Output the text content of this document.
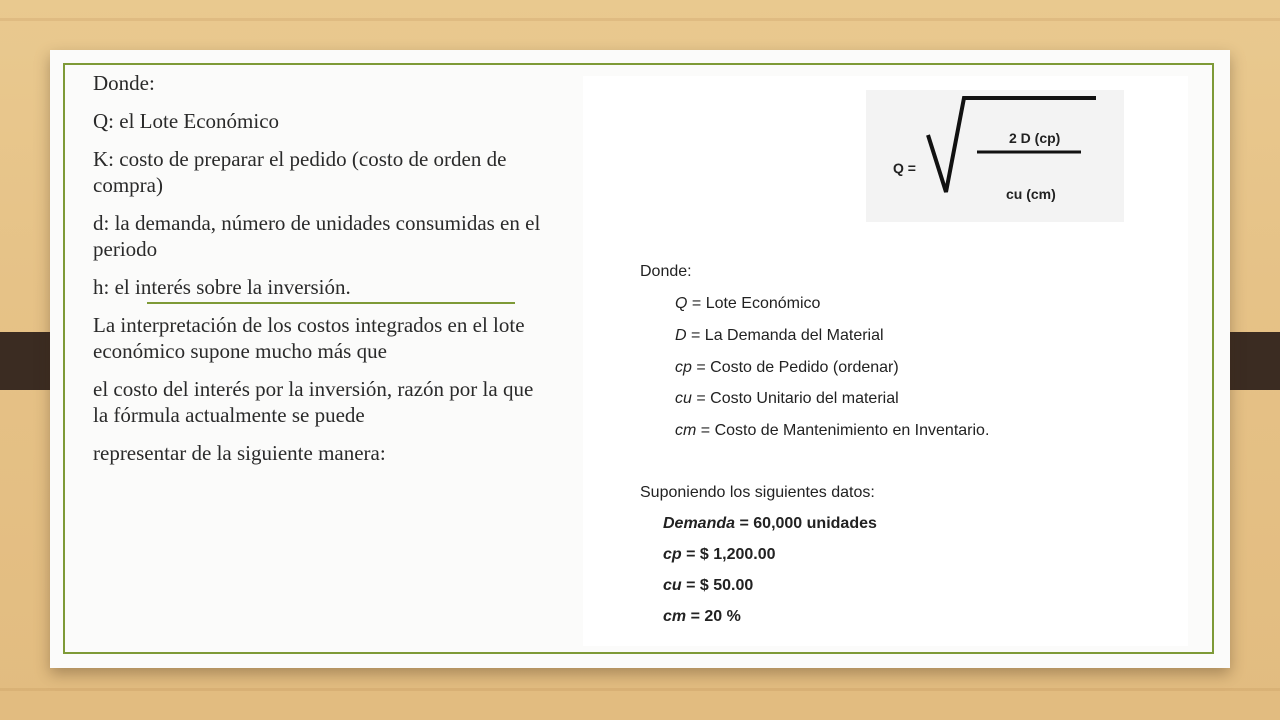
Donde:

Q: el Lote Económico

K: costo de preparar el pedido (costo de orden de compra)

d: la demanda, número de unidades consumidas en el periodo

h: el interés sobre la inversión.

La interpretación de los costos integrados en el lote económico supone mucho más que

el costo del interés por la inversión, razón por la que la fórmula actualmente se puede

representar de la siguiente manera:

Q =
2 D (cp)
cu (cm)
Donde:
Q = Lote Económico
D = La Demanda del Material
cp = Costo de Pedido (ordenar)
cu = Costo Unitario del material
cm = Costo de Mantenimiento en Inventario.
Suponiendo los siguientes datos:
Demanda = 60,000 unidades
cp = $ 1,200.00
cu = $ 50.00
cm = 20 %
